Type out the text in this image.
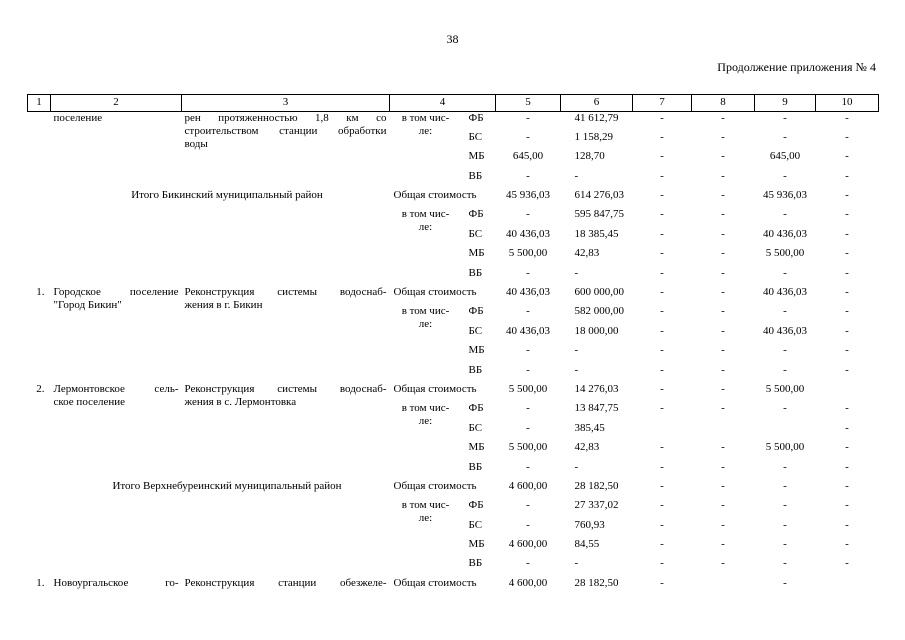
38
Продолжение приложения № 4
1	2	3	4		5	6	7	8	9	10

	поселение	рен протяженностью 1,8 км со
строительством станции обработки
воды	в том чис-
ле:	ФБ	-	41 612,79	-	-	-	-
				БС	-	1 158,29	-	-	-	-
				МБ	645,00	128,70	-	-	645,00	-
				ВБ	-	-	-	-	-	-
Итого Бикинский муниципальный район			Общая стоимость		45 936,03	614 276,03	-	-	45 936,03	-

			в том чис-
ле:	ФБ	-	595 847,75	-	-	-	-
				БС	40 436,03	18 385,45	-	-	40 436,03	-
				МБ	5 500,00	42,83	-	-	5 500,00	-
				ВБ	-	-	-	-	-	-
1.	Городское поселение
"Город Бикин"	Реконструкция системы водоснаб-
жения в г. Бикин	Общая стоимость		40 436,03	600 000,00	-	-	40 436,03	-

			в том чис-
ле:	ФБ	-	582 000,00	-	-	-	-
				БС	40 436,03	18 000,00	-	-	40 436,03	-
				МБ	-	-	-	-	-	-
				ВБ	-	-	-	-	-	-
2.	Лермонтовское сель-
ское поселение	Реконструкция системы водоснаб-
жения в с. Лермонтовка	Общая стоимость		5 500,00	14 276,03	-	-	5 500,00	

			в том чис-
ле:	ФБ	-	13 847,75	-	-	-	-
				БС	-	385,45				-
				МБ	5 500,00	42,83	-	-	5 500,00	-
				ВБ	-	-	-	-	-	-
Итого Верхнебуреинский муниципальный район			Общая стоимость		4 600,00	28 182,50	-	-	-	-

			в том чис-
ле:	ФБ	-	27 337,02	-	-	-	-
				БС	-	760,93	-	-	-	-
				МБ	4 600,00	84,55	-	-	-	-
				ВБ	-	-	-	-	-	-
1.	Новоургальское го-	Реконструкция станции обезжеле-	Общая стоимость		4 600,00	28 182,50	-		-	
